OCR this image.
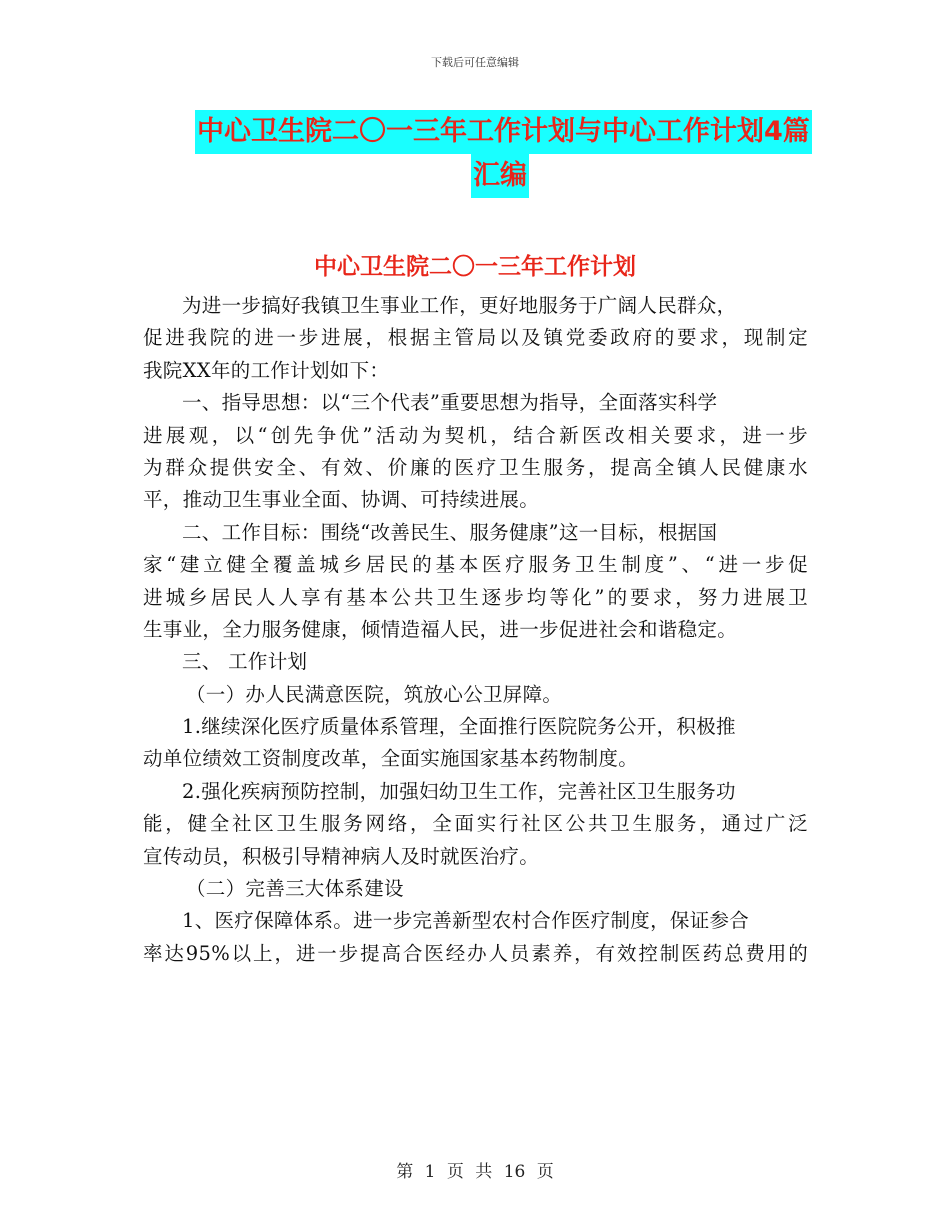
下载后可任意编辑
中心卫生院二〇一三年工作计划与中心工作计划4篇
汇编
中心卫生院二〇一三年工作计划
为进一步搞好我镇卫生事业工作，更好地服务于广阔人民群众，
促进我院的进一步进展，根据主管局以及镇党委政府的要求，现制定
我院XX年的工作计划如下：
一、指导思想：以“三个代表”重要思想为指导，全面落实科学
进展观，以“创先争优”活动为契机，结合新医改相关要求，进一步
为群众提供安全、有效、价廉的医疗卫生服务，提高全镇人民健康水
平，推动卫生事业全面、协调、可持续进展。
二、工作目标：围绕“改善民生、服务健康”这一目标，根据国
家“建立健全覆盖城乡居民的基本医疗服务卫生制度”、“进一步促
进城乡居民人人享有基本公共卫生逐步均等化”的要求，努力进展卫
生事业，全力服务健康，倾情造福人民，进一步促进社会和谐稳定。
三、 工作计划
（一）办人民满意医院，筑放心公卫屏障。
1.继续深化医疗质量体系管理，全面推行医院院务公开，积极推
动单位绩效工资制度改革，全面实施国家基本药物制度。
2.强化疾病预防控制，加强妇幼卫生工作，完善社区卫生服务功
能，健全社区卫生服务网络，全面实行社区公共卫生服务，通过广泛
宣传动员，积极引导精神病人及时就医治疗。
（二）完善三大体系建设
1、医疗保障体系。进一步完善新型农村合作医疗制度，保证参合
率达95%以上，进一步提高合医经办人员素养，有效控制医药总费用的
第 1 页 共 16 页
